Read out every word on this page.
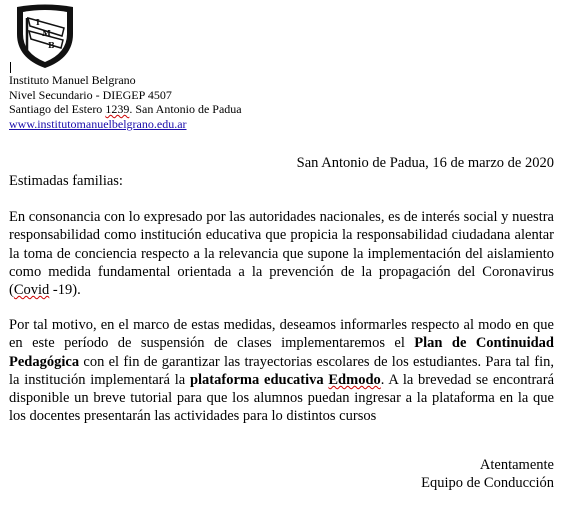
I
M
B
Instituto Manuel Belgrano
Nivel Secundario - DIEGEP 4507
Santiago del Estero 1239. San Antonio de Padua
www.institutomanuelbelgrano.edu.ar
San Antonio de Padua, 16 de marzo de 2020
Estimadas familias:

En consonancia con lo expresado por las autoridades nacionales, es de interés social y nuestra responsabilidad como institución educativa que propicia la responsabilidad ciudadana alentar la toma de conciencia respecto a la relevancia que supone la implementación del aislamiento como medida fundamental orientada a la prevención de la propagación del Coronavirus (Covid -19).

Por tal motivo, en el marco de estas medidas, deseamos informarles respecto al modo en que en este período de suspensión de clases implementaremos el Plan de Continuidad Pedagógica con el fin de garantizar las trayectorias escolares de los estudiantes. Para tal fin, la institución implementará la plataforma educativa Edmodo. A la brevedad se encontrará disponible un breve tutorial para que los alumnos puedan ingresar a la plataforma en la que los docentes presentarán las actividades para lo distintos cursos

Atentamente
Equipo de Conducción
